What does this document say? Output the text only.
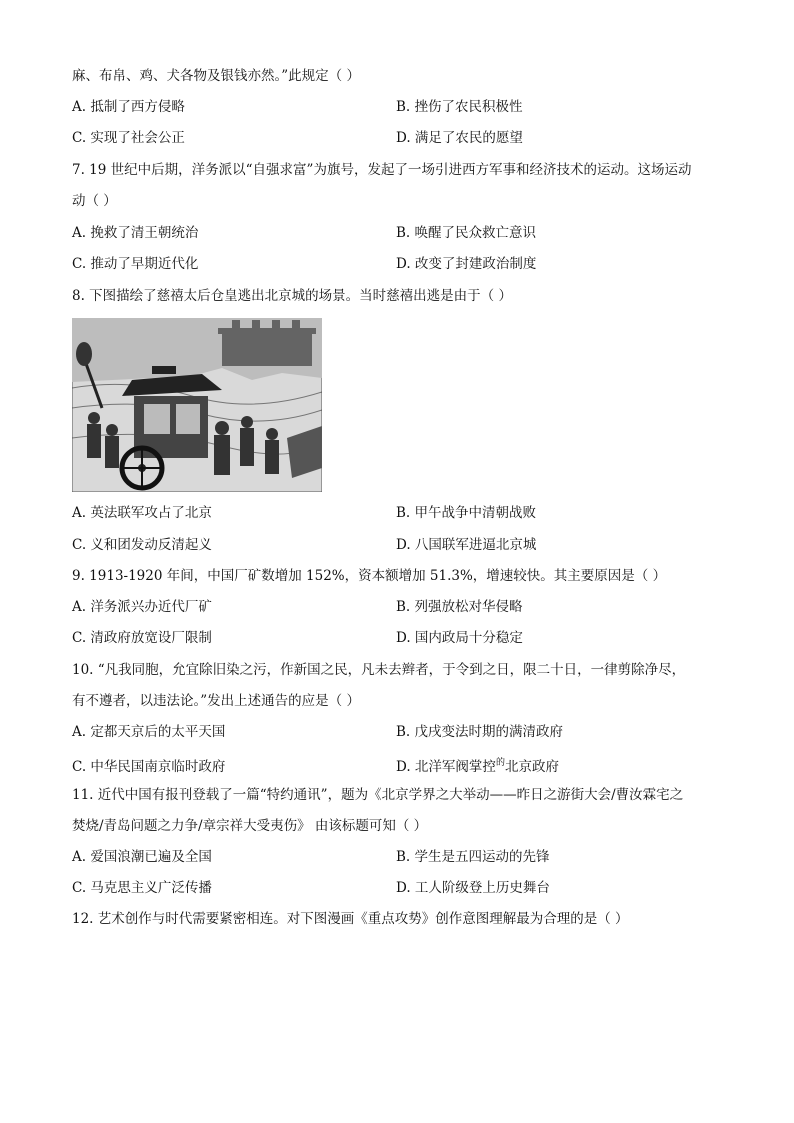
麻、布帛、鸡、犬各物及银钱亦然。”此规定（ ）
A. 抵制了西方侵略	B. 挫伤了农民积极性
C. 实现了社会公正	D. 满足了农民的愿望
7. 19 世纪中后期，洋务派以“自强求富”为旗号，发起了一场引进西方军事和经济技术的运动。这场运动
动（ ）
A. 挽救了清王朝统治	B. 唤醒了民众救亡意识
C. 推动了早期近代化	D. 改变了封建政治制度
8. 下图描绘了慈禧太后仓皇逃出北京城的场景。当时慈禧出逃是由于（ ）
A. 英法联军攻占了北京	B. 甲午战争中清朝战败
C. 义和团发动反清起义	D. 八国联军进逼北京城
9. 1913-1920 年间，中国厂矿数增加 152%，资本额增加 51.3%，增速较快。其主要原因是（ ）
A. 洋务派兴办近代厂矿	B. 列强放松对华侵略
C. 清政府放宽设厂限制	D. 国内政局十分稳定
10. “凡我同胞，允宜除旧染之污，作新国之民，凡未去辫者，于令到之日，限二十日，一律剪除净尽，
有不遵者，以违法论。”发出上述通告的应是（ ）
A. 定都天京后的太平天国	B. 戊戌变法时期的满清政府
C. 中华民国南京临时政府	D. 北洋军阀掌控$^的$北京政府
11. 近代中国有报刊登载了一篇“特约通讯”，题为《北京学界之大举动——昨日之游街大会/曹汝霖宅之
焚烧/青岛问题之力争/章宗祥大受夷伤》 由该标题可知（ ）
A. 爱国浪潮已遍及全国	B. 学生是五四运动的先锋
C. 马克思主义广泛传播	D. 工人阶级登上历史舞台
12. 艺术创作与时代需要紧密相连。对下图漫画《重点攻势》创作意图理解最为合理的是（ ）
